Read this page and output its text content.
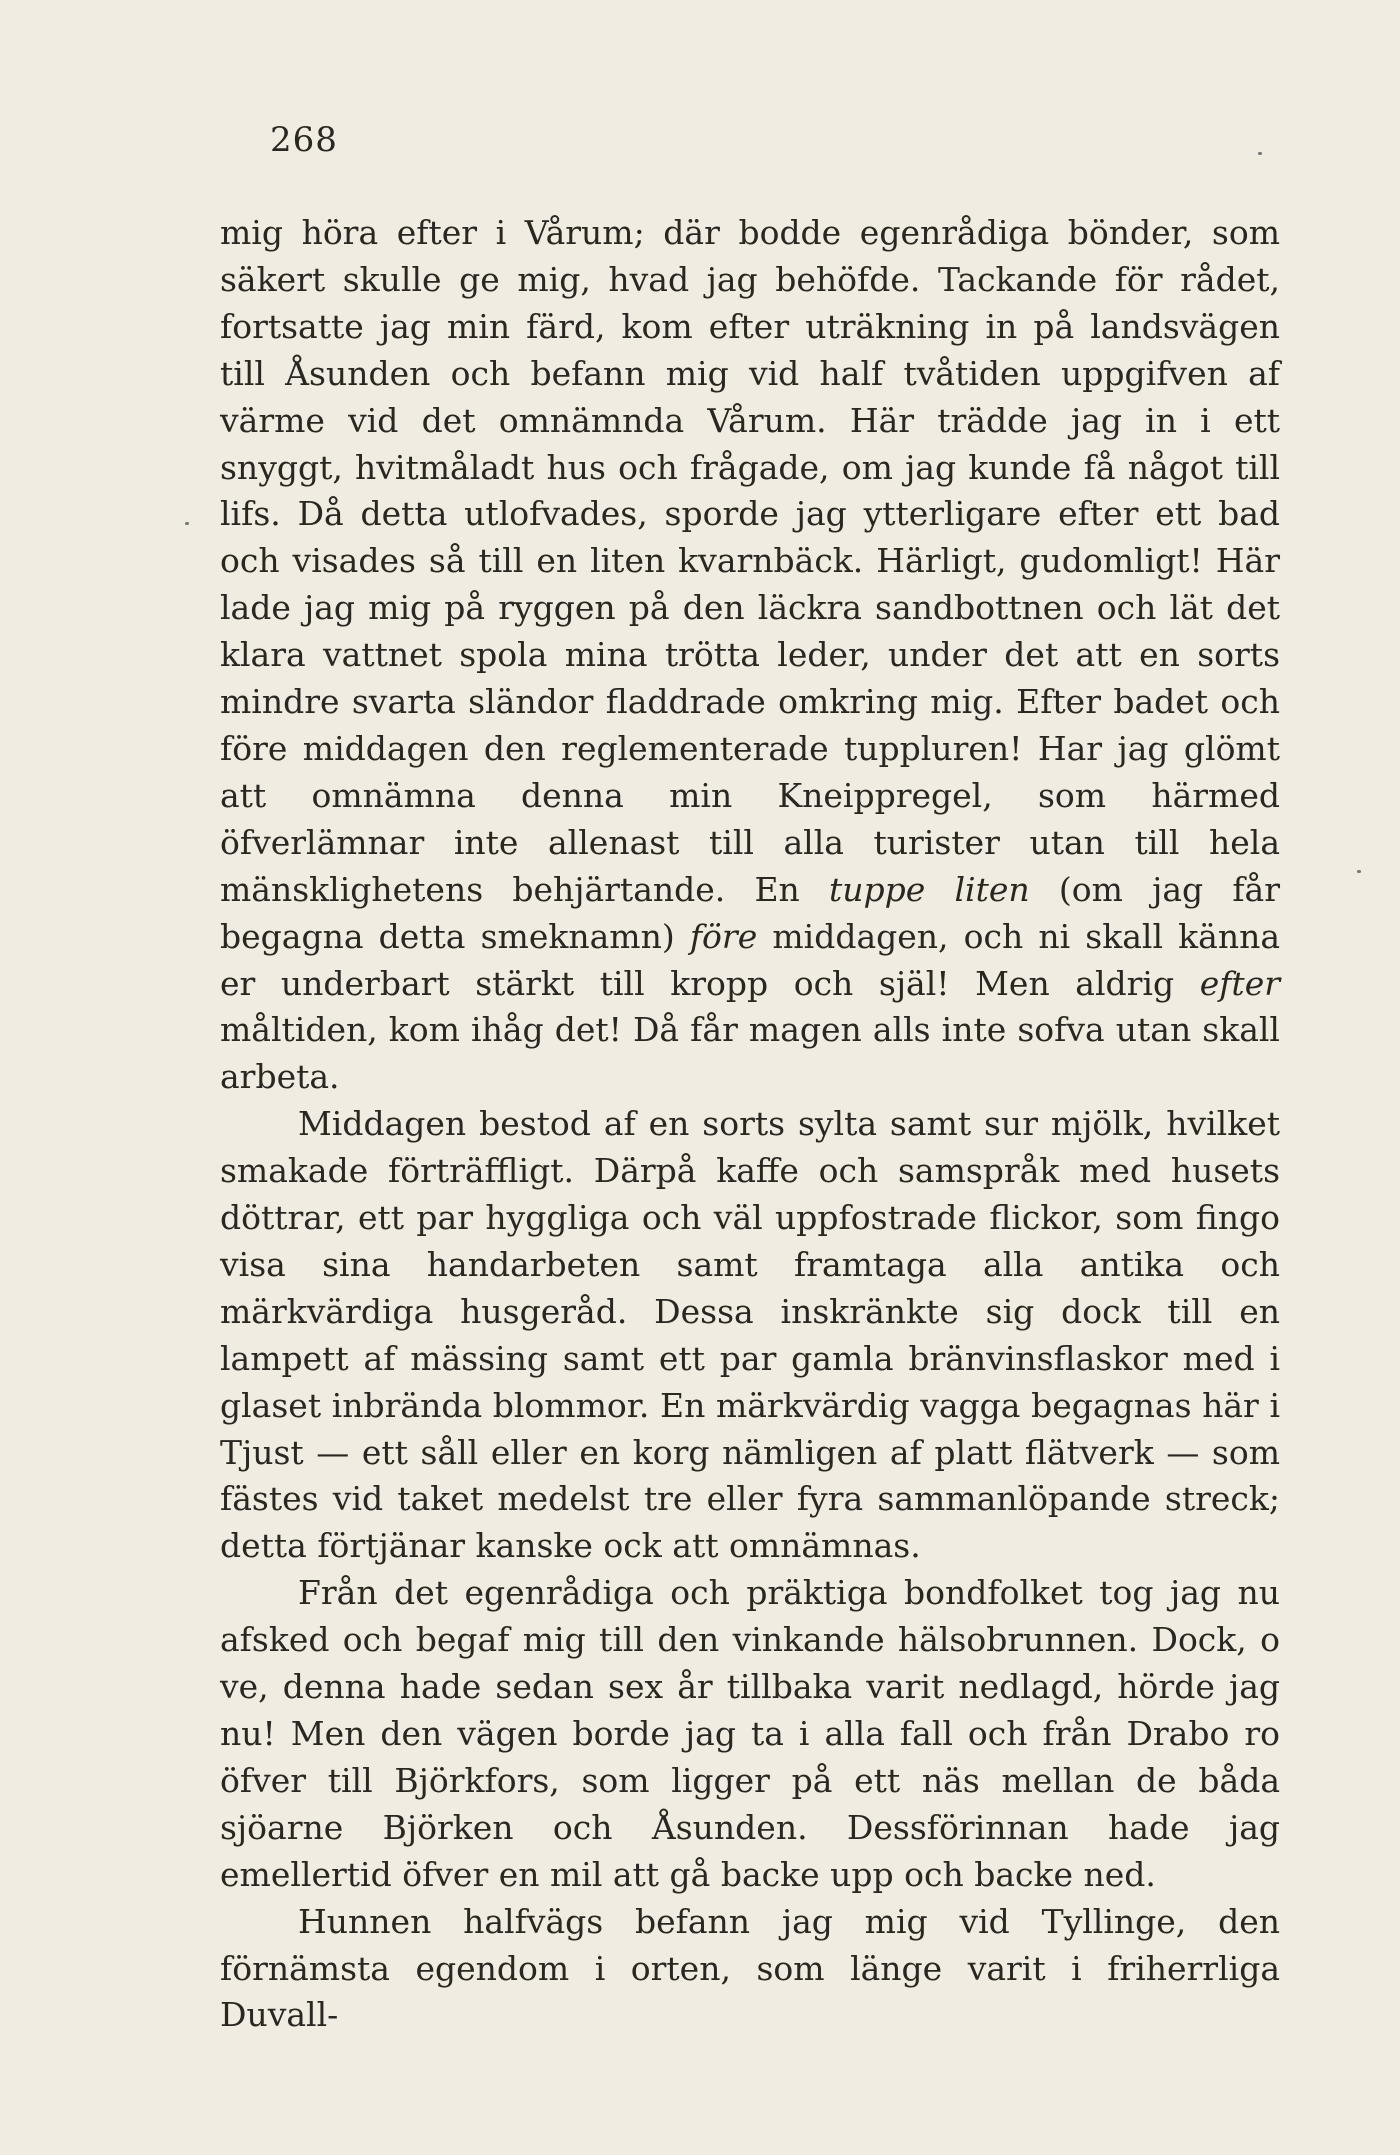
268

mig höra efter i Vårum; där bodde egenrådiga bönder, som säkert skulle ge mig, hvad jag behöfde. Tackande för rådet, fortsatte jag min färd, kom efter uträkning in på landsvägen till Åsunden och befann mig vid half tvåtiden uppgifven af värme vid det omnämnda Vårum. Här trädde jag in i ett snyggt, hvitmåladt hus och frågade, om jag kunde få något till lifs. Då detta utlofvades, sporde jag ytterligare efter ett bad och visades så till en liten kvarnbäck. Härligt, gudomligt! Här lade jag mig på ryggen på den läckra sandbottnen och lät det klara vattnet spola mina trötta leder, under det att en sorts mindre svarta sländor fladdrade omkring mig. Efter badet och före middagen den reglementerade tuppluren! Har jag glömt att omnämna denna min Kneippregel, som härmed öfverlämnar inte allenast till alla turister utan till hela mänsklighetens behjärtande. En tuppe liten (om jag får begagna detta smeknamn) före middagen, och ni skall känna er underbart stärkt till kropp och själ! Men aldrig efter måltiden, kom ihåg det! Då får magen alls inte sofva utan skall arbeta.

Middagen bestod af en sorts sylta samt sur mjölk, hvilket smakade förträffligt. Därpå kaffe och samspråk med husets döttrar, ett par hyggliga och väl uppfostrade flickor, som fingo visa sina handarbeten samt framtaga alla antika och märkvärdiga husgeråd. Dessa inskränkte sig dock till en lampett af mässing samt ett par gamla bränvinsflaskor med i glaset inbrända blommor. En märkvärdig vagga begagnas här i Tjust — ett såll eller en korg nämligen af platt flätverk — som fästes vid taket medelst tre eller fyra sammanlöpande streck; detta förtjänar kanske ock att omnämnas.

Från det egenrådiga och präktiga bondfolket tog jag nu afsked och begaf mig till den vinkande hälsobrunnen. Dock, o ve, denna hade sedan sex år tillbaka varit nedlagd, hörde jag nu! Men den vägen borde jag ta i alla fall och från Drabo ro öfver till Björkfors, som ligger på ett näs mellan de båda sjöarne Björken och Åsunden. Dessförinnan hade jag emellertid öfver en mil att gå backe upp och backe ned.

Hunnen halfvägs befann jag mig vid Tyllinge, den förnämsta egendom i orten, som länge varit i friherrliga Duvall-
